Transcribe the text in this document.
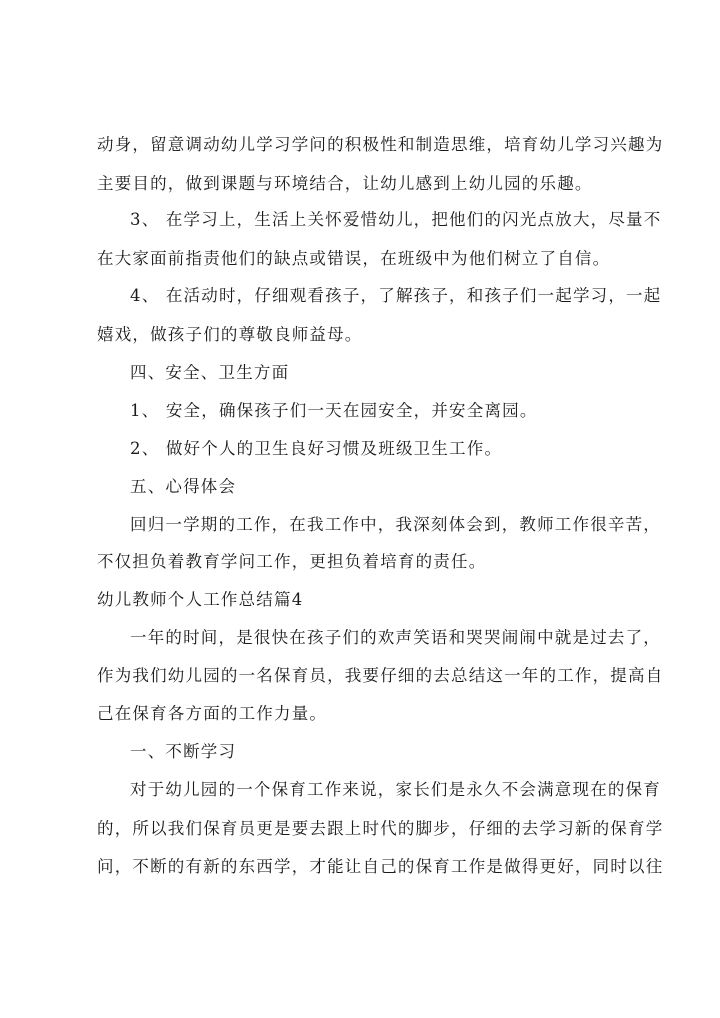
动身，留意调动幼儿学习学问的积极性和制造思维，培育幼儿学习兴趣为
主要目的，做到课题与环境结合，让幼儿感到上幼儿园的乐趣。
3、 在学习上，生活上关怀爱惜幼儿，把他们的闪光点放大，尽量不
在大家面前指责他们的缺点或错误，在班级中为他们树立了自信。
4、 在活动时，仔细观看孩子，了解孩子，和孩子们一起学习，一起
嬉戏，做孩子们的尊敬良师益母。
四、安全、卫生方面
1、 安全，确保孩子们一天在园安全，并安全离园。
2、 做好个人的卫生良好习惯及班级卫生工作。
五、心得体会
回归一学期的工作，在我工作中，我深刻体会到，教师工作很辛苦，
不仅担负着教育学问工作，更担负着培育的责任。
幼儿教师个人工作总结篇4
一年的时间，是很快在孩子们的欢声笑语和哭哭闹闹中就是过去了，
作为我们幼儿园的一名保育员，我要仔细的去总结这一年的工作，提高自
己在保育各方面的工作力量。
一、不断学习
对于幼儿园的一个保育工作来说，家长们是永久不会满意现在的保育
的，所以我们保育员更是要去跟上时代的脚步，仔细的去学习新的保育学
问，不断的有新的东西学，才能让自己的保育工作是做得更好，同时以往
